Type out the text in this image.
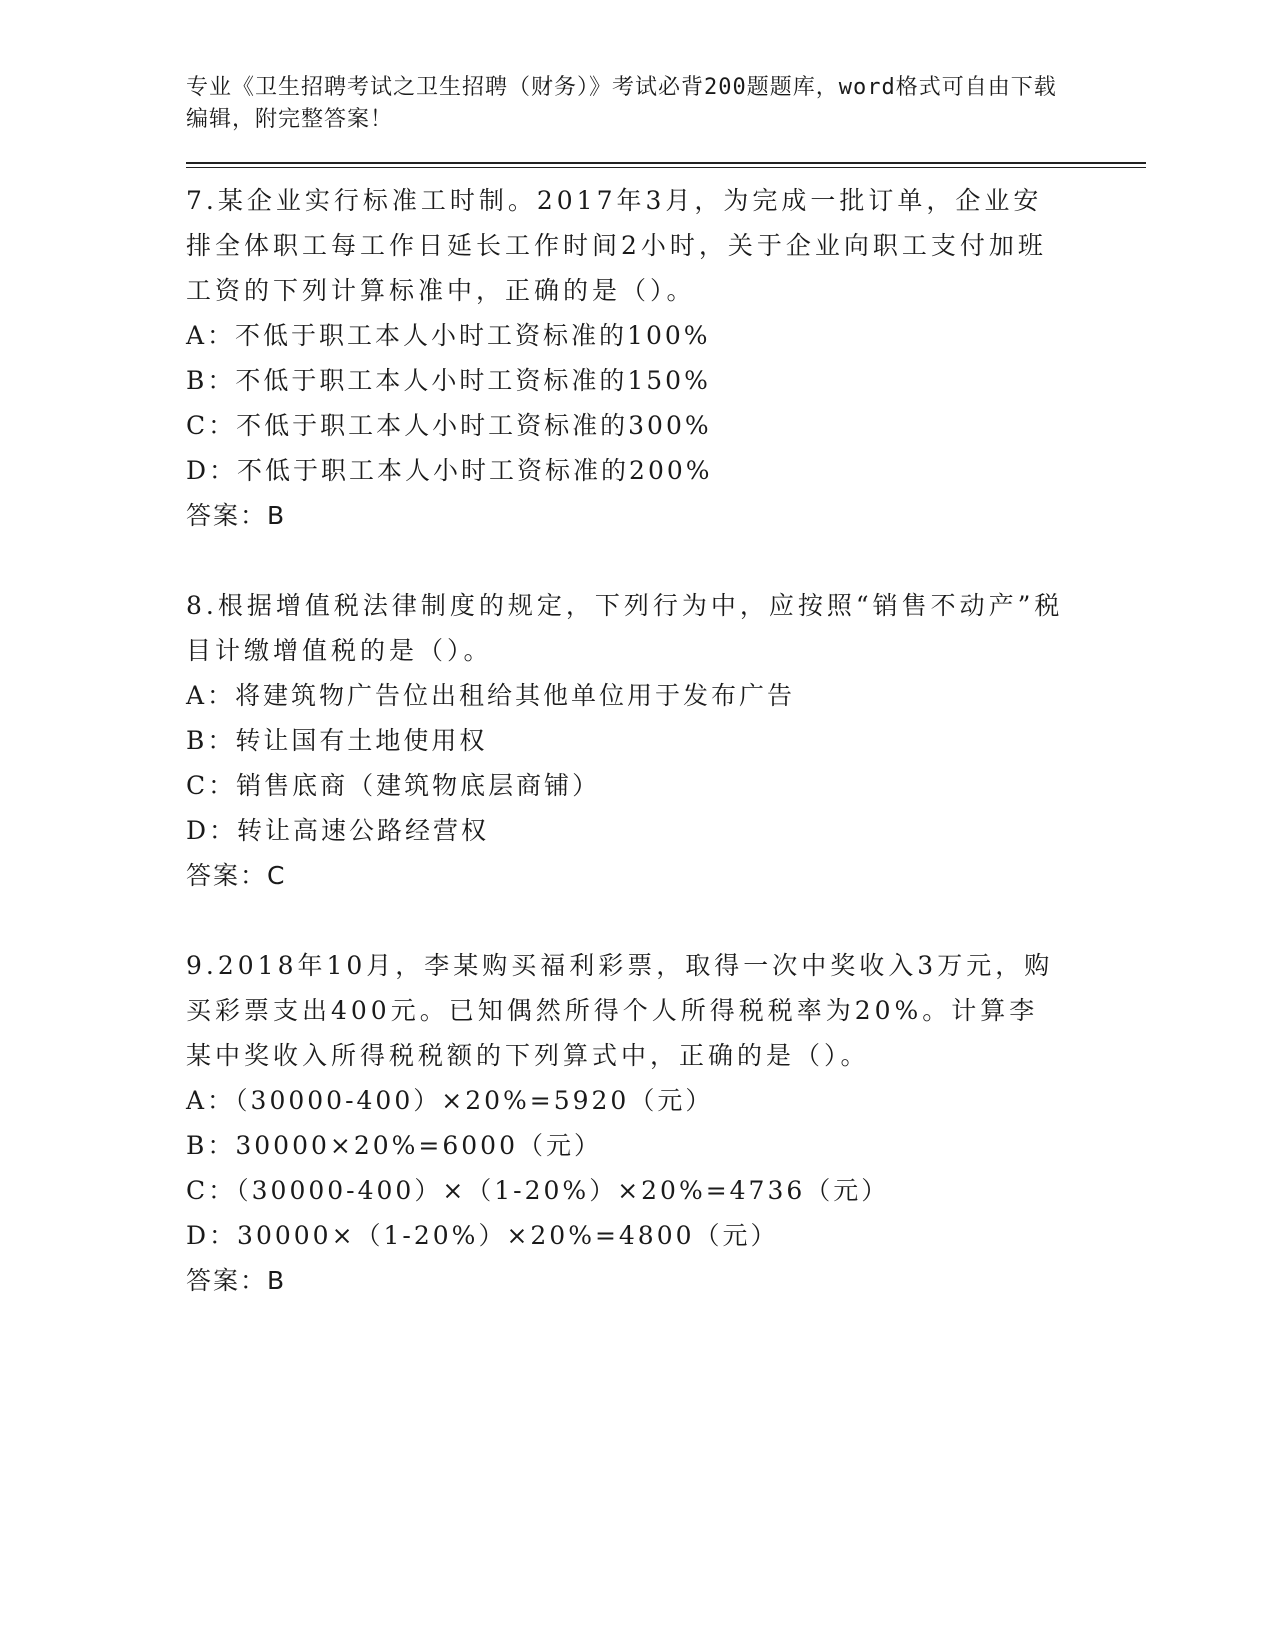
专业《卫生招聘考试之卫生招聘（财务）》考试必背200题题库，word格式可自由下载编辑，附完整答案！

7.某企业实行标准工时制。2017年3月，为完成一批订单，企业安排全体职工每工作日延长工作时间2小时，关于企业向职工支付加班工资的下列计算标准中，正确的是（）。

A：不低于职工本人小时工资标准的100%

B：不低于职工本人小时工资标准的150%

C：不低于职工本人小时工资标准的300%

D：不低于职工本人小时工资标准的200%

答案：B

8.根据增值税法律制度的规定，下列行为中，应按照“销售不动产”税目计缴增值税的是（）。

A：将建筑物广告位出租给其他单位用于发布广告

B：转让国有土地使用权

C：销售底商（建筑物底层商铺）

D：转让高速公路经营权

答案：C

9.2018年10月，李某购买福利彩票，取得一次中奖收入3万元，购买彩票支出400元。已知偶然所得个人所得税税率为20%。计算李某中奖收入所得税税额的下列算式中，正确的是（）。

A：（30000-400）×20%=5920（元）

B：30000×20%=6000（元）

C：（30000-400）×（1-20%）×20%=4736（元）

D：30000×（1-20%）×20%=4800（元）

答案：B
